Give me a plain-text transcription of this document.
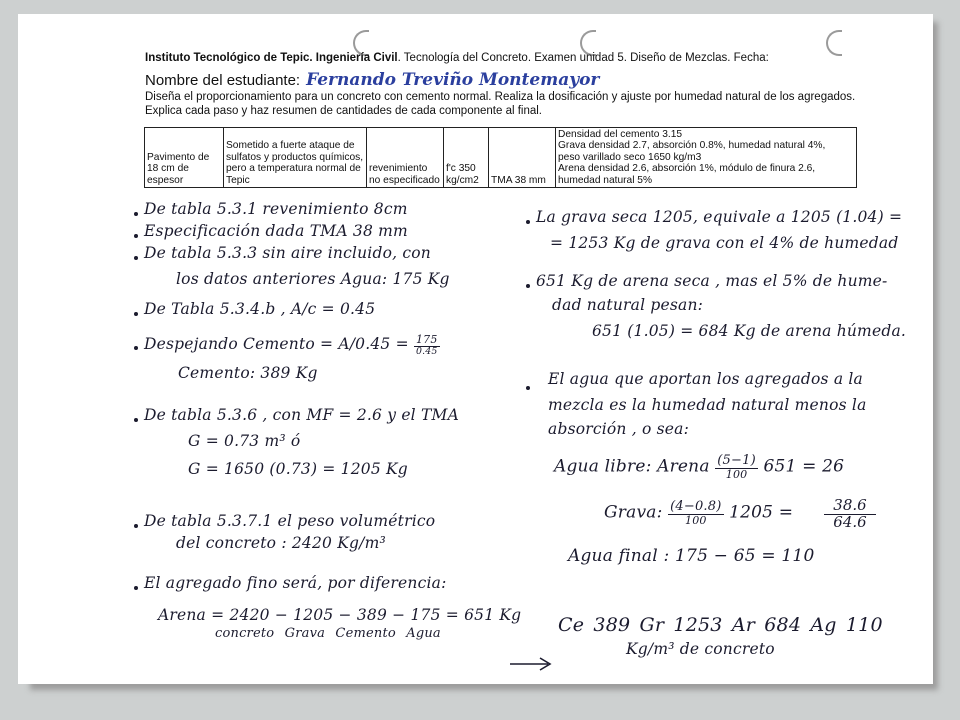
Instituto Tecnológico de Tepic. Ingeniería Civil. Tecnología del Concreto. Examen unidad 5. Diseño de Mezclas. Fecha:
Nombre del estudiante: Fernando Treviño Montemayor
Diseña el proporcionamiento para un concreto con cemento normal. Realiza la dosificación y ajuste por humedad natural de los agregados.
Explica cada paso y haz resumen de cantidades de cada componente al final.
Pavimento de 18 cm de espesor	Sometido a fuerte ataque de sulfatos y productos químicos, pero a temperatura normal de Tepic	revenimiento no especificado	f'c 350 kg/cm2	TMA 38 mm	
Densidad del cemento 3.15
Grava densidad 2.7, absorción 0.8%, humedad natural 4%,
peso varillado seco 1650 kg/m3
Arena densidad 2.6, absorción 1%, módulo de finura 2.6,
humedad natural 5%
De tabla 5.3.1 revenimiento 8cm
Especificación dada TMA 38 mm
De tabla 5.3.3 sin aire incluido, con
los datos anteriores Agua: 175 Kg
De Tabla 5.3.4.b , A/c = 0.45
Despejando Cemento = $A/0.45 = \frac{175}{0.45}$
Cemento: 389 Kg
De tabla 5.3.6 , con MF = 2.6 y el TMA
G = 0.73 m³ ó
G = 1650 (0.73) = 1205 Kg
De tabla 5.3.7.1 el peso volumétrico
del concreto : 2420 Kg/m³
El agregado fino será, por diferencia:
Arena = 2420 − 1205 − 389 − 175 = 651 Kg
concreto Grava Cemento Agua
La grava seca 1205, equivale a 1205 (1.04) =
= 1253 Kg de grava con el 4% de humedad
651 Kg de arena seca , mas el 5% de hume-
dad natural pesan:
651 (1.05) = 684 Kg de arena húmeda.
El agua que aportan los agregados a la
mezcla es la humedad natural menos la
absorción , o sea:
Agua libre: Arena $\frac{(5-1)}{100} 651 = 26$
Grava: $\frac{(4-0.8)}{100} 1205$ =	38.6
64.6
Agua final : 175 − 65 = 110
Ce 389 Gr 1253 Ar 684 Ag 110
Kg/m³ de concreto
